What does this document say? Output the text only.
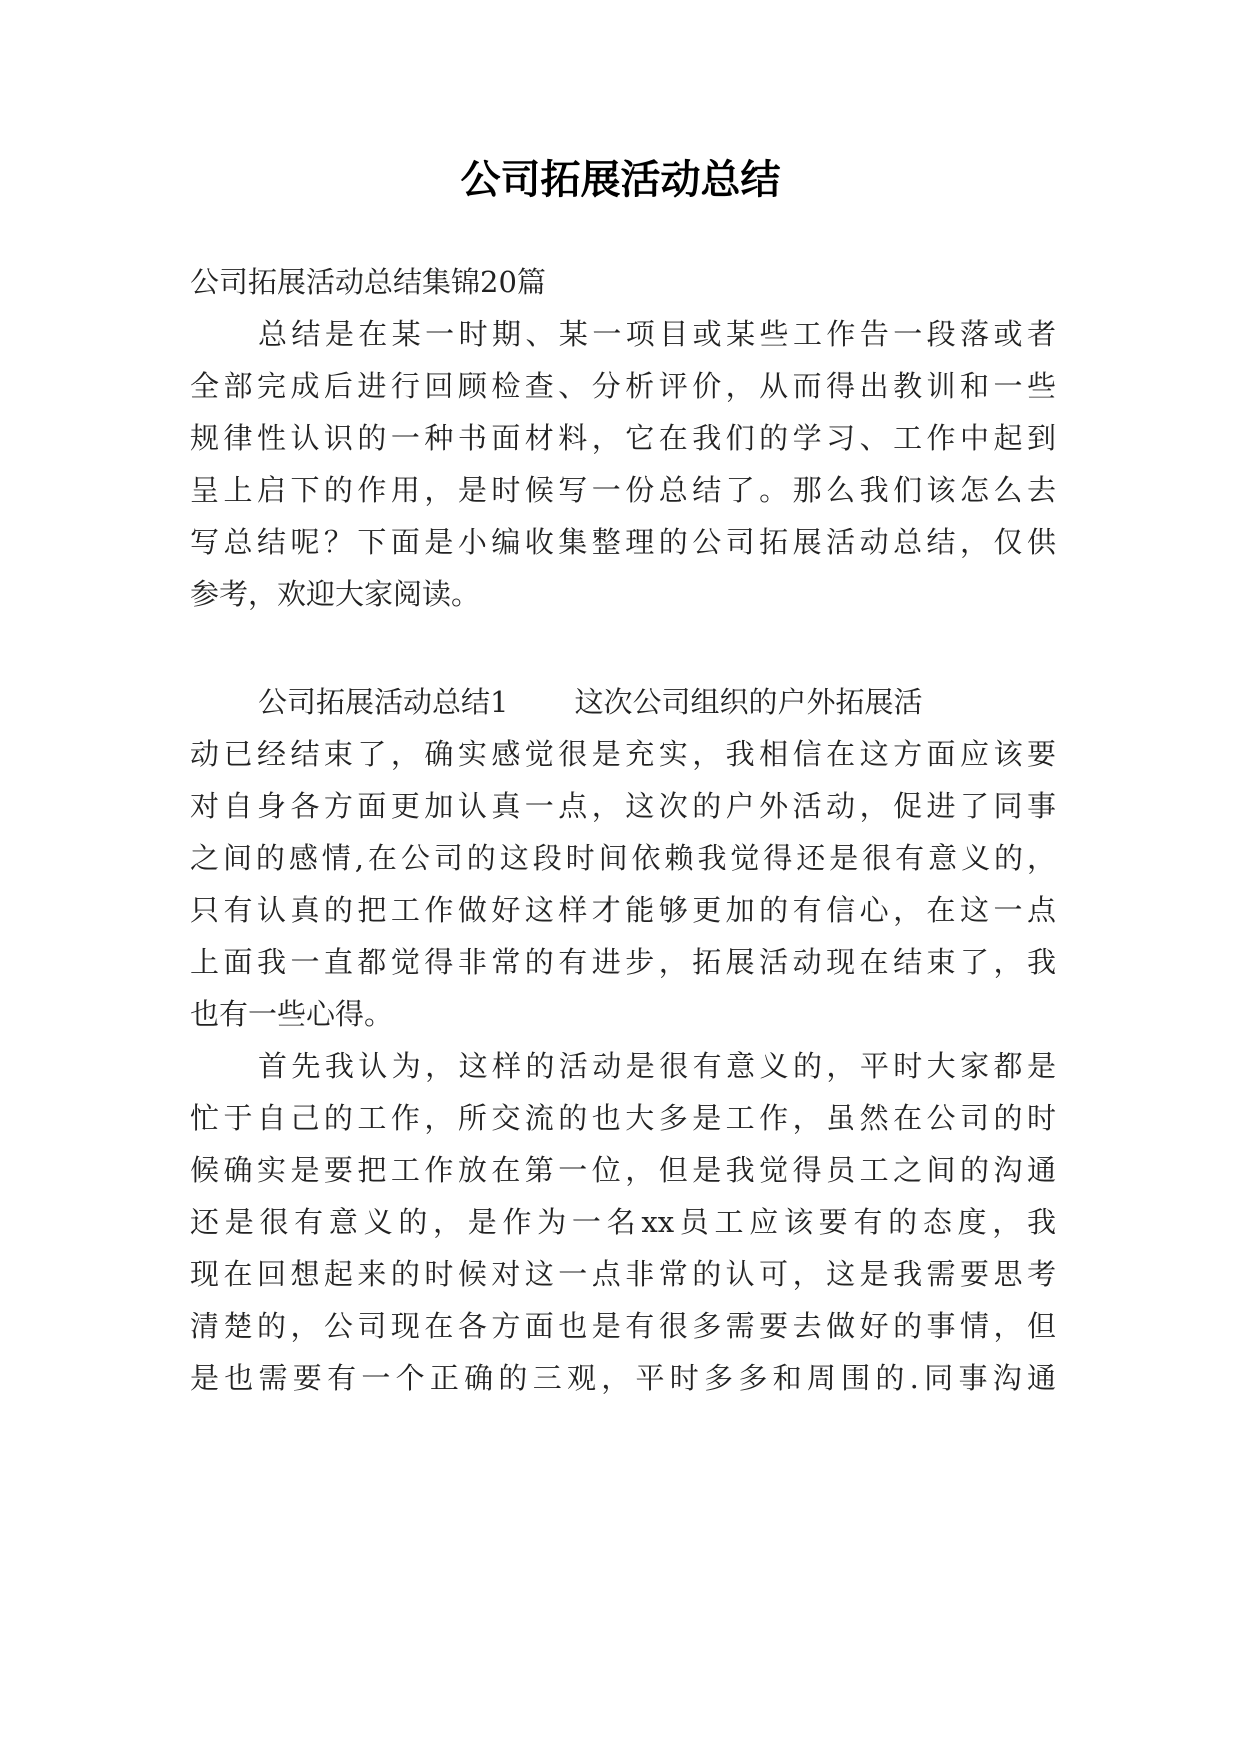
公司拓展活动总结
公司拓展活动总结集锦20篇
总结是在某一时期、某一项目或某些工作告一段落或者
全部完成后进行回顾检查、分析评价，从而得出教训和一些
规律性认识的一种书面材料，它在我们的学习、工作中起到
呈上启下的作用，是时候写一份总结了。那么我们该怎么去
写总结呢？下面是小编收集整理的公司拓展活动总结，仅供
参考，欢迎大家阅读。
公司拓展活动总结1 这次公司组织的户外拓展活
动已经结束了，确实感觉很是充实，我相信在这方面应该要
对自身各方面更加认真一点，这次的户外活动，促进了同事
之间的感情,在公司的这段时间依赖我觉得还是很有意义的，
只有认真的把工作做好这样才能够更加的有信心，在这一点
上面我一直都觉得非常的有进步，拓展活动现在结束了，我
也有一些心得。
首先我认为，这样的活动是很有意义的，平时大家都是
忙于自己的工作，所交流的也大多是工作，虽然在公司的时
候确实是要把工作放在第一位，但是我觉得员工之间的沟通
还是很有意义的，是作为一名xx员工应该要有的态度，我
现在回想起来的时候对这一点非常的认可，这是我需要思考
清楚的，公司现在各方面也是有很多需要去做好的事情，但
是也需要有一个正确的三观，平时多多和周围的.同事沟通
